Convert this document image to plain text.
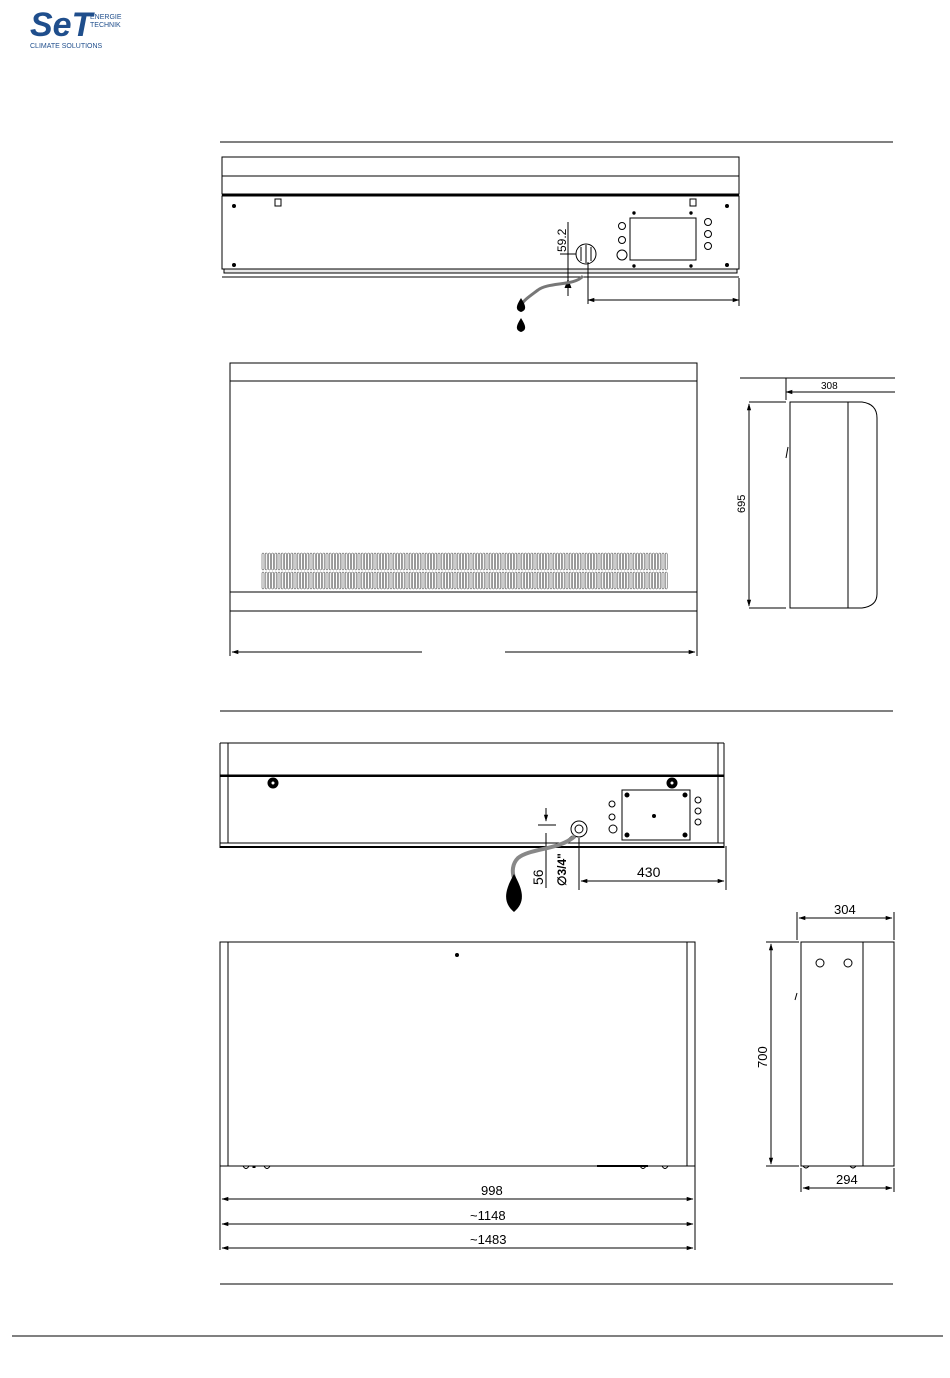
SeT
ENERGIE
TECHNIK
CLIMATE SOLUTIONS
59.2
308
695
56 ∅3/4"	430
998
~1148
~1483
304
700
294
